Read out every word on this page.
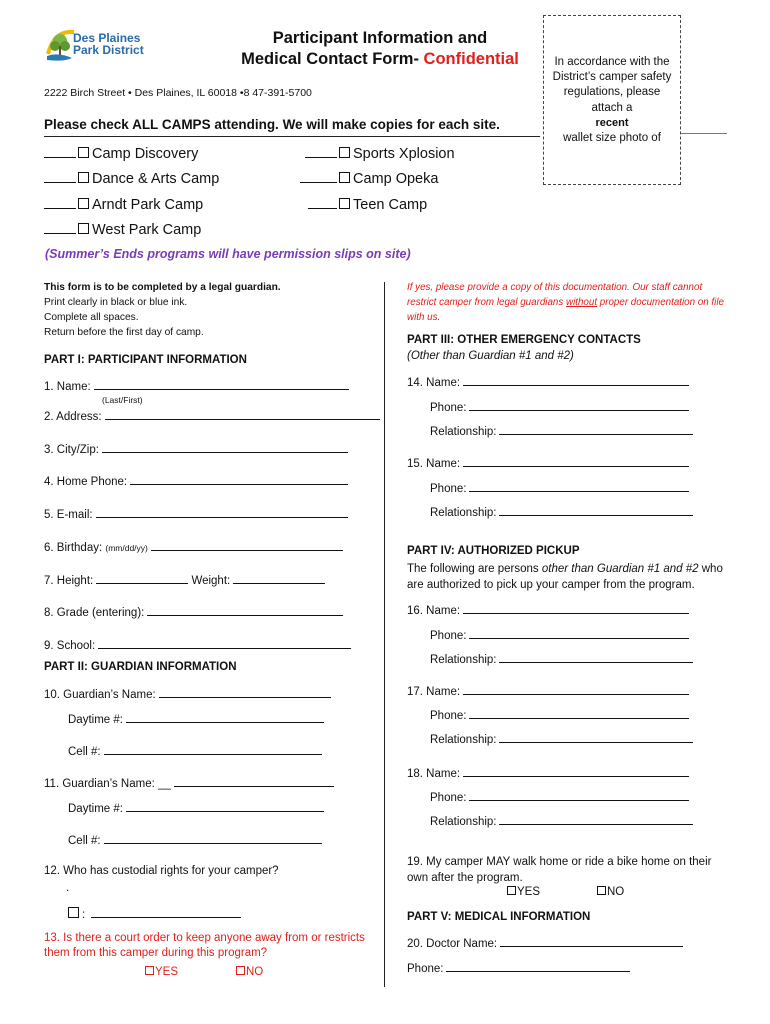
Des Plaines
Park District
Participant Information and
Medical Contact Form- Confidential
2222 Birch Street • Des Plaines, IL 60018 •8 47-391-5700
In accordance with the District’s camper safety regulations, please attach a
recent
wallet size photo of
Please check ALL CAMPS attending. We will make copies for each site.
Camp Discovery	Sports Xplosion
Dance & Arts Camp	Camp Opeka
Arndt Park Camp	Teen Camp
West Park Camp
(Summer’s Ends programs will have permission slips on site)
This form is to be completed by a legal guardian.
Print clearly in black or blue ink.
Complete all spaces.
Return before the first day of camp.
PART I: PARTICIPANT INFORMATION
1. Name:
(Last/First)
2. Address:
3. City/Zip:
4. Home Phone:
5. E-mail:
6. Birthday: (mm/dd/yy)
7. Height:	Weight:
8. Grade (entering):
9. School:
PART II: GUARDIAN INFORMATION
10. Guardian’s Name:
Daytime #:
Cell #:
11. Guardian’s Name: __
Daytime #:
Cell #:
12. Who has custodial rights for your camper?
.
:
13. Is there a court order to keep anyone away from or restricts
them from this camper during this program?
YES	NO
If yes, please provide a copy of this documentation. Our staff cannot restrict camper from legal guardians without proper documentation on file with us.
PART III: OTHER EMERGENCY CONTACTS
(Other than Guardian #1 and #2)
14. Name:
Phone:
Relationship:
15. Name:
Phone:
Relationship:
PART IV: AUTHORIZED PICKUP
The following are persons other than Guardian #1 and #2 who
are authorized to pick up your camper from the program.
16. Name:
Phone:
Relationship:
17. Name:
Phone:
Relationship:
18. Name:
Phone:
Relationship:
19. My camper MAY walk home or ride a bike home on their
own after the program.
YES	NO
PART V: MEDICAL INFORMATION
20. Doctor Name:
Phone:
